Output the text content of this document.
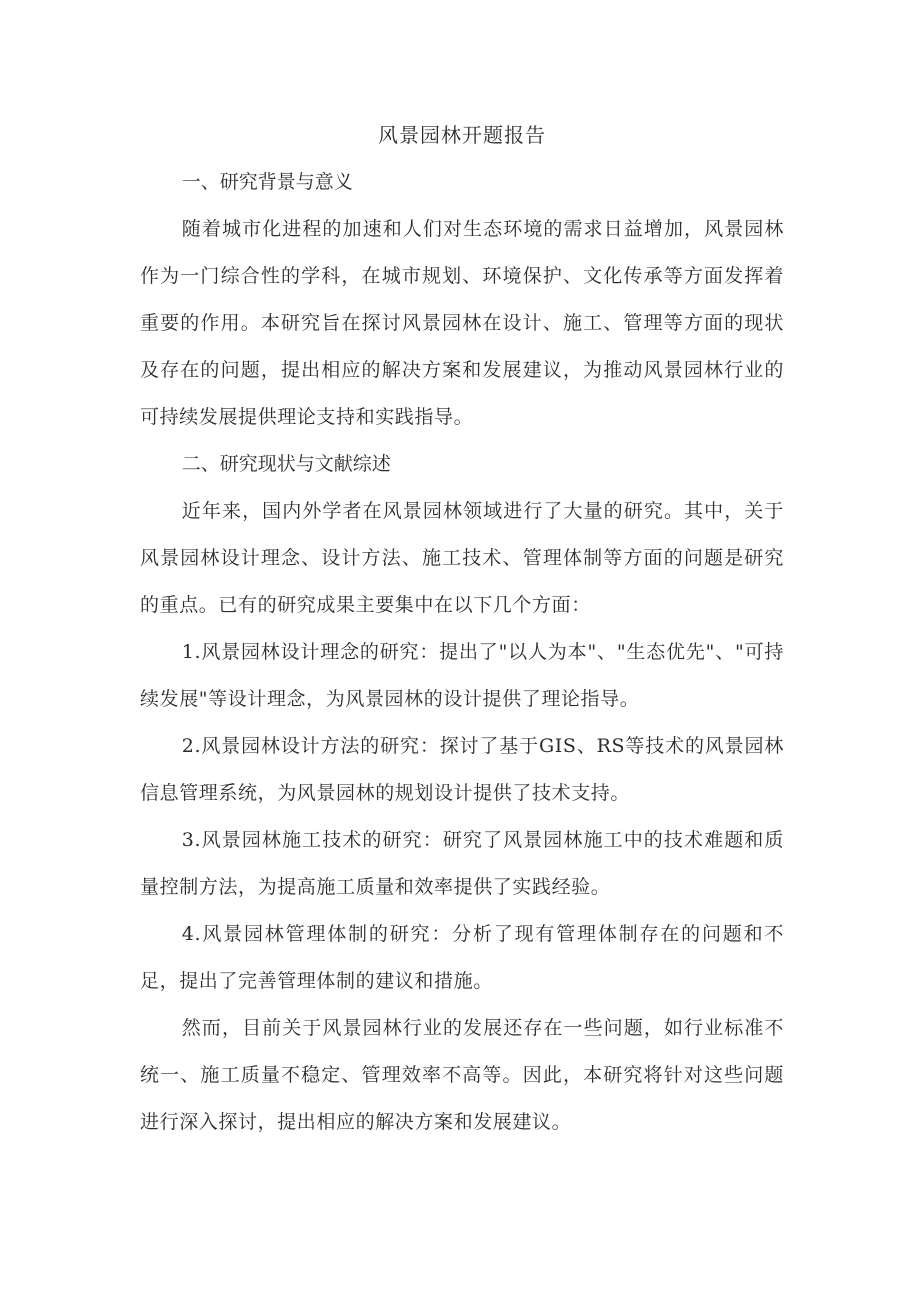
风景园林开题报告
一、研究背景与意义

随着城市化进程的加速和人们对生态环境的需求日益增加，风景园林作为一门综合性的学科，在城市规划、环境保护、文化传承等方面发挥着重要的作用。本研究旨在探讨风景园林在设计、施工、管理等方面的现状及存在的问题，提出相应的解决方案和发展建议，为推动风景园林行业的可持续发展提供理论支持和实践指导。

二、研究现状与文献综述

近年来，国内外学者在风景园林领域进行了大量的研究。其中，关于风景园林设计理念、设计方法、施工技术、管理体制等方面的问题是研究的重点。已有的研究成果主要集中在以下几个方面：

1.风景园林设计理念的研究：提出了"以人为本"、"生态优先"、"可持续发展"等设计理念，为风景园林的设计提供了理论指导。

2.风景园林设计方法的研究：探讨了基于GIS、RS等技术的风景园林信息管理系统，为风景园林的规划设计提供了技术支持。

3.风景园林施工技术的研究：研究了风景园林施工中的技术难题和质量控制方法，为提高施工质量和效率提供了实践经验。

4.风景园林管理体制的研究：分析了现有管理体制存在的问题和不足，提出了完善管理体制的建议和措施。

然而，目前关于风景园林行业的发展还存在一些问题，如行业标准不统一、施工质量不稳定、管理效率不高等。因此，本研究将针对这些问题进行深入探讨，提出相应的解决方案和发展建议。
